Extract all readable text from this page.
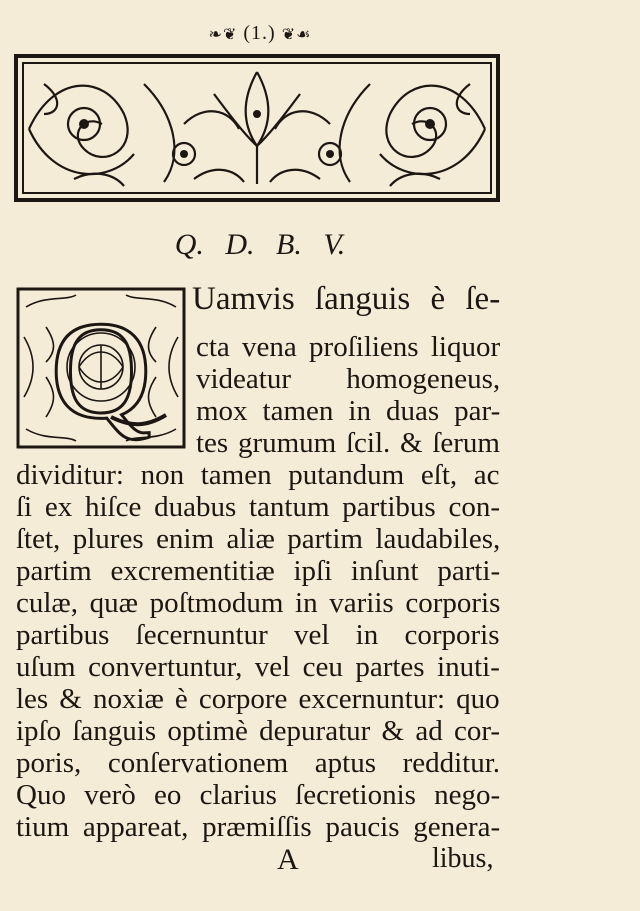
❧❦ (1.) ❦☙
Q. D. B. V.
Q Uamvis ſanguis è ſe-
cta vena proſiliens liquor
videatur homogeneus,
mox tamen in duas par-
tes grumum ſcil. & ſerum
dividitur: non tamen putandum eſt, ac
ſi ex hiſce duabus tantum partibus con-
ſtet, plures enim aliæ partim laudabiles,
partim excrementitiæ ipſi inſunt parti-
culæ, quæ poſtmodum in variis corporis
partibus ſecernuntur vel in corporis
uſum convertuntur, vel ceu partes inuti-
les & noxiæ è corpore excernuntur: quo
ipſo ſanguis optimè depuratur & ad cor-
poris, conſervationem aptus redditur.
Quo verò eo clarius ſecretionis nego-
tium appareat, præmiſſis paucis genera-
A	libus,
